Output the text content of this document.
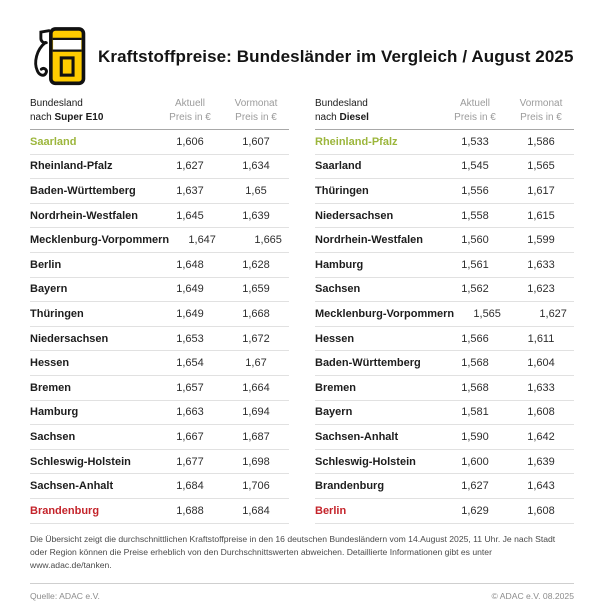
Kraftstoffpreise: Bundesländer im Vergleich / August 2025
Bundesland
nach Super E10
Aktuell
Preis in €
Vormonat
Preis in €
Saarland	1,606	1,607
Rheinland-Pfalz	1,627	1,634
Baden-Württemberg	1,637	1,65
Nordrhein-Westfalen	1,645	1,639
Mecklenburg-Vorpommern	1,647	1,665
Berlin	1,648	1,628
Bayern	1,649	1,659
Thüringen	1,649	1,668
Niedersachsen	1,653	1,672
Hessen	1,654	1,67
Bremen	1,657	1,664
Hamburg	1,663	1,694
Sachsen	1,667	1,687
Schleswig-Holstein	1,677	1,698
Sachsen-Anhalt	1,684	1,706
Brandenburg	1,688	1,684
Bundesland
nach Diesel
Aktuell
Preis in €
Vormonat
Preis in €
Rheinland-Pfalz	1,533	1,586
Saarland	1,545	1,565
Thüringen	1,556	1,617
Niedersachsen	1,558	1,615
Nordrhein-Westfalen	1,560	1,599
Hamburg	1,561	1,633
Sachsen	1,562	1,623
Mecklenburg-Vorpommern	1,565	1,627
Hessen	1,566	1,611
Baden-Württemberg	1,568	1,604
Bremen	1,568	1,633
Bayern	1,581	1,608
Sachsen-Anhalt	1,590	1,642
Schleswig-Holstein	1,600	1,639
Brandenburg	1,627	1,643
Berlin	1,629	1,608
Die Übersicht zeigt die durchschnittlichen Kraftstoffpreise in den 16 deutschen Bundesländern vom 14.August 2025, 11 Uhr. Je nach Stadt oder Region können die Preise erheblich von den Durchschnittswerten abweichen. Detaillierte Informationen gibt es unter www.adac.de/tanken.
Quelle: ADAC e.V.	© ADAC e.V. 08.2025
